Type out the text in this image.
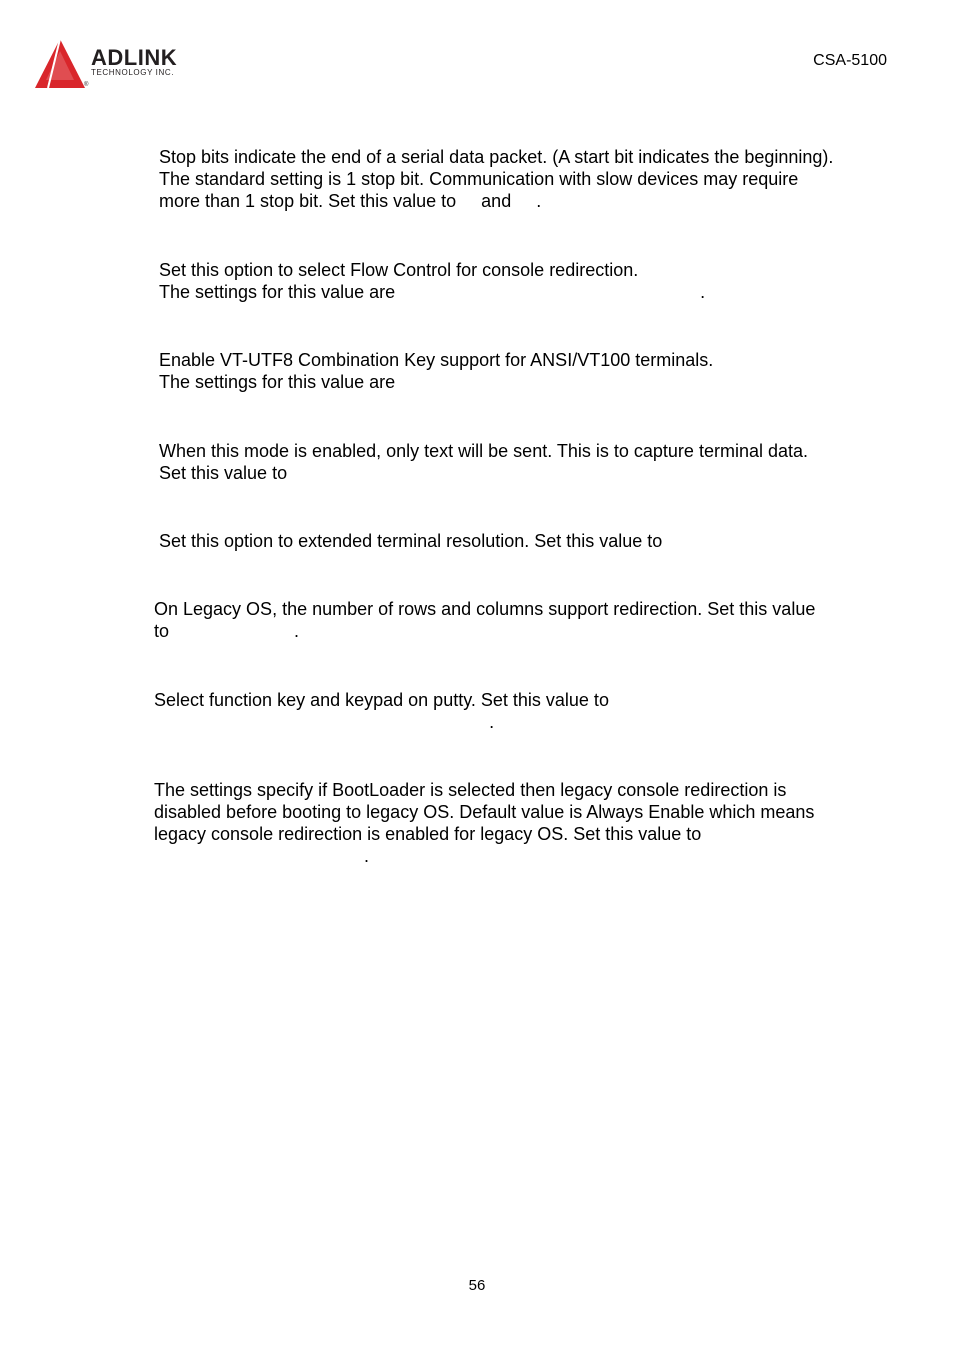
ADLINK
TECHNOLOGY INC.
®
CSA-5100
Stop bits indicate the end of a serial data packet. (A start bit indicates the beginning).
The standard setting is 1 stop bit. Communication with slow devices may require
more than 1 stop bit. Set this value to     and     .
Set this option to select Flow Control for console redirection.
The settings for this value are                                                             .
Enable VT-UTF8 Combination Key support for ANSI/VT100 terminals.
The settings for this value are
When this mode is enabled, only text will be sent. This is to capture terminal data.
Set this value to
Set this option to extended terminal resolution. Set this value to
On Legacy OS, the number of rows and columns support redirection. Set this value
to                         .
Select function key and keypad on putty. Set this value to
.
The settings specify if BootLoader is selected then legacy console redirection is
disabled before booting to legacy OS. Default value is Always Enable which means
legacy console redirection is enabled for legacy OS. Set this value to
.
56
